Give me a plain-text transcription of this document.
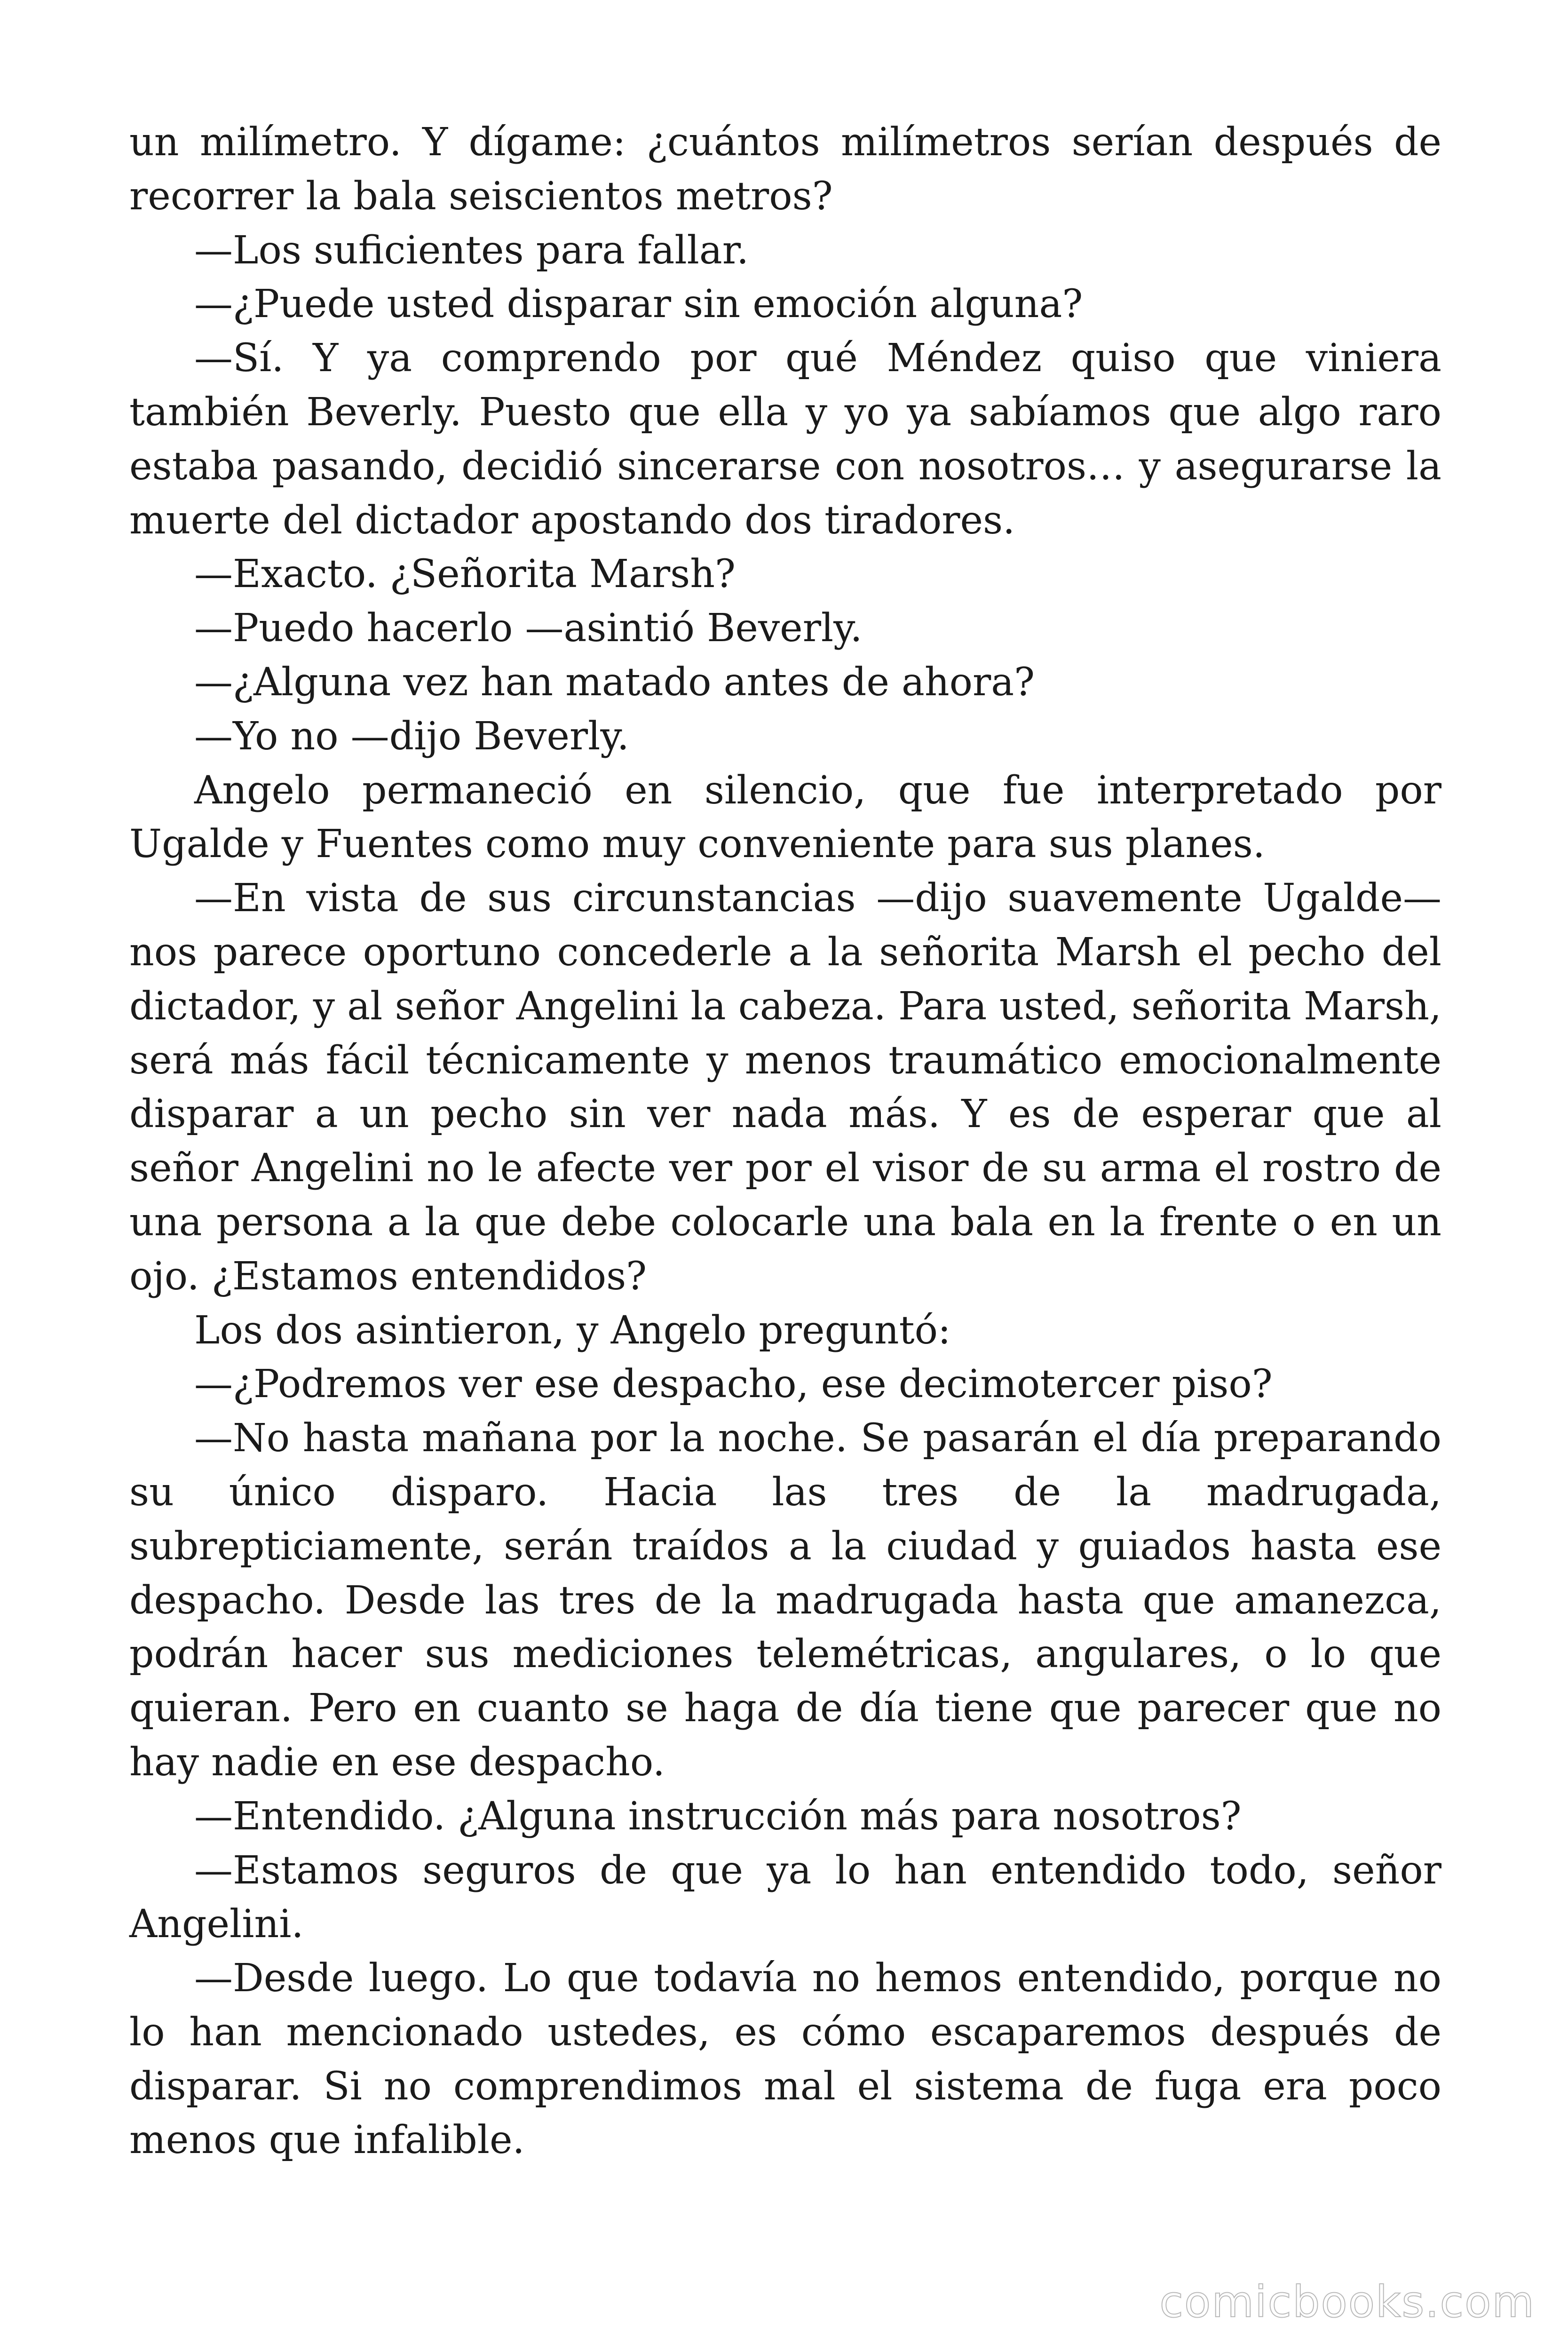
un milímetro. Y dígame: ¿cuántos milímetros serían después de recorrer la bala seiscientos metros?

—Los suficientes para fallar.

—¿Puede usted disparar sin emoción alguna?

—Sí. Y ya comprendo por qué Méndez quiso que viniera también Beverly. Puesto que ella y yo ya sabíamos que algo raro estaba pasando, decidió sincerarse con nosotros… y asegurarse la muerte del dictador apostando dos tiradores.

—Exacto. ¿Señorita Marsh?

—Puedo hacerlo —asintió Beverly.

—¿Alguna vez han matado antes de ahora?

—Yo no —dijo Beverly.

Angelo permaneció en silencio, que fue interpretado por Ugalde y Fuentes como muy conveniente para sus planes.

—En vista de sus circunstancias —dijo suavemente Ugalde— nos parece oportuno concederle a la señorita Marsh el pecho del dictador, y al señor Angelini la cabeza. Para usted, señorita Marsh, será más fácil técnicamente y menos traumático emocionalmente disparar a un pecho sin ver nada más. Y es de esperar que al señor Angelini no le afecte ver por el visor de su arma el rostro de una persona a la que debe colocarle una bala en la frente o en un ojo. ¿Estamos entendidos?

Los dos asintieron, y Angelo preguntó:

—¿Podremos ver ese despacho, ese decimotercer piso?

—No hasta mañana por la noche. Se pasarán el día preparando su único disparo. Hacia las tres de la madrugada, subrepticiamente, serán traídos a la ciudad y guiados hasta ese despacho. Desde las tres de la madrugada hasta que amanezca, podrán hacer sus mediciones telemétricas, angulares, o lo que quieran. Pero en cuanto se haga de día tiene que parecer que no hay nadie en ese despacho.

—Entendido. ¿Alguna instrucción más para nosotros?

—Estamos seguros de que ya lo han entendido todo, señor Angelini.

—Desde luego. Lo que todavía no hemos entendido, porque no lo han mencionado ustedes, es cómo escaparemos después de disparar. Si no comprendimos mal el sistema de fuga era poco menos que infalible.

comicbooks.com
